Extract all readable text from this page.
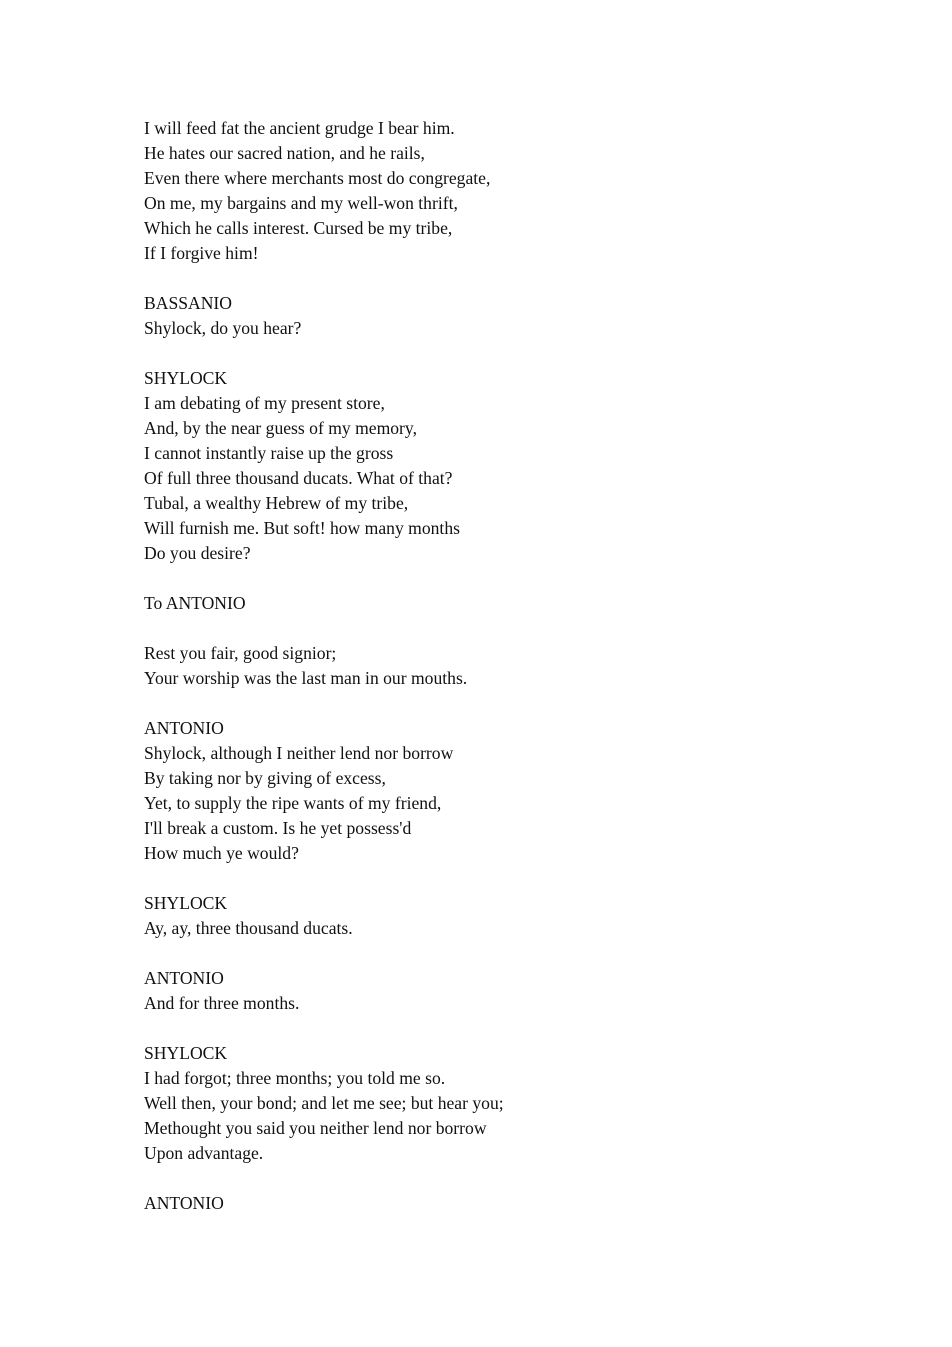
I will feed fat the ancient grudge I bear him.
He hates our sacred nation, and he rails,
Even there where merchants most do congregate,
On me, my bargains and my well-won thrift,
Which he calls interest. Cursed be my tribe,
If I forgive him!
BASSANIO
Shylock, do you hear?
SHYLOCK
I am debating of my present store,
And, by the near guess of my memory,
I cannot instantly raise up the gross
Of full three thousand ducats. What of that?
Tubal, a wealthy Hebrew of my tribe,
Will furnish me. But soft! how many months
Do you desire?
To ANTONIO
Rest you fair, good signior;
Your worship was the last man in our mouths.
ANTONIO
Shylock, although I neither lend nor borrow
By taking nor by giving of excess,
Yet, to supply the ripe wants of my friend,
I'll break a custom. Is he yet possess'd
How much ye would?
SHYLOCK
Ay, ay, three thousand ducats.
ANTONIO
And for three months.
SHYLOCK
I had forgot; three months; you told me so.
Well then, your bond; and let me see; but hear you;
Methought you said you neither lend nor borrow
Upon advantage.
ANTONIO
